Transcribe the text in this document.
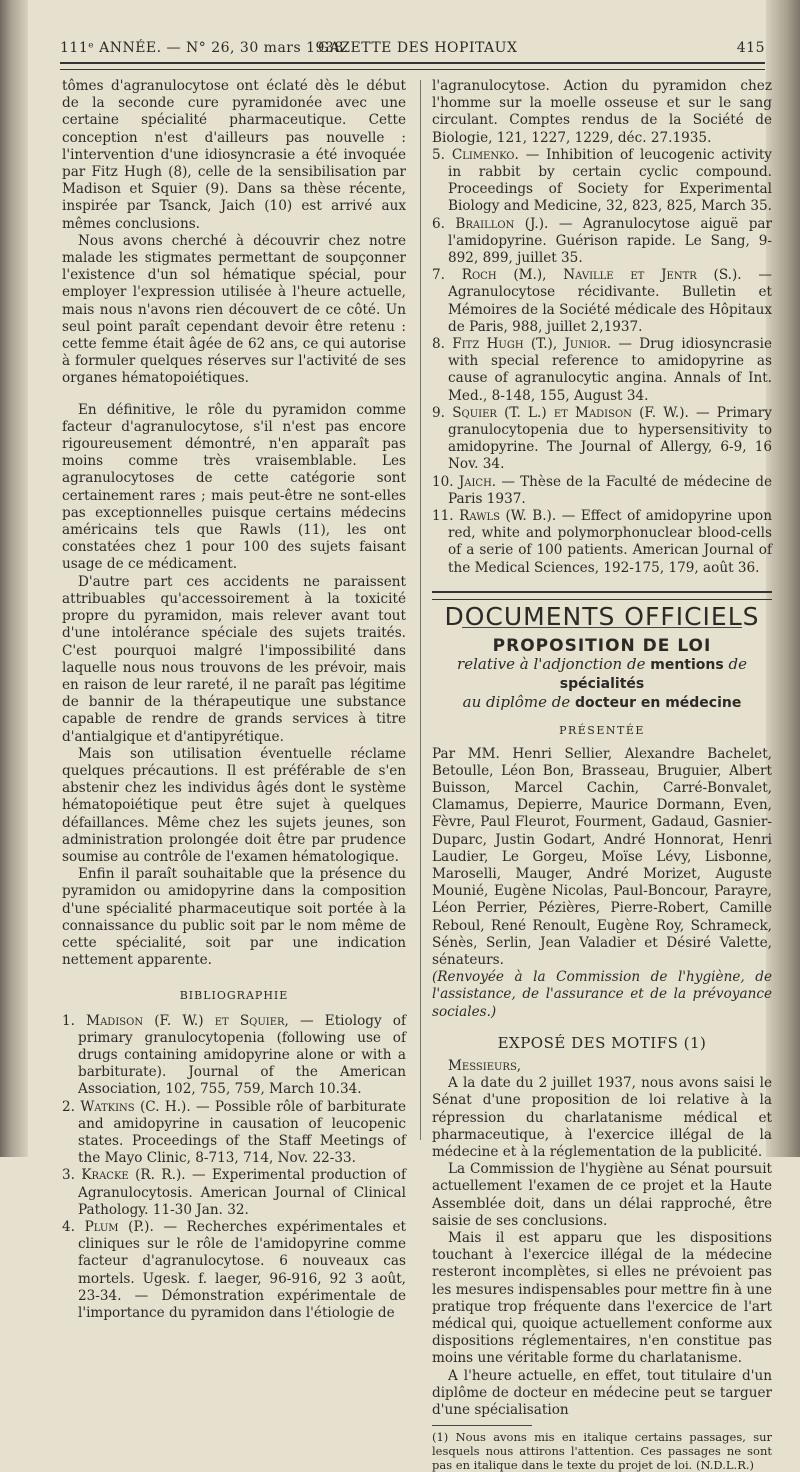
111ᵉ ANNÉE. — N° 26, 30 mars 1938.
GAZETTE DES HOPITAUX	415

tômes d'agranulocytose ont éclaté dès le début de la seconde cure pyramidonée avec une certaine spécialité pharmaceutique. Cette conception n'est d'ailleurs pas nouvelle : l'intervention d'une idiosyncrasie a été invoquée par Fitz Hugh (8), celle de la sensibilisation par Madison et Squier (9). Dans sa thèse récente, inspirée par Tsanck, Jaich (10) est arrivé aux mêmes conclusions.

Nous avons cherché à découvrir chez notre malade les stigmates permettant de soupçonner l'existence d'un sol hématique spécial, pour employer l'expression utilisée à l'heure actuelle, mais nous n'avons rien découvert de ce côté. Un seul point paraît cependant devoir être retenu : cette femme était âgée de 62 ans, ce qui autorise à formuler quelques réserves sur l'activité de ses organes hématopoiétiques.

En définitive, le rôle du pyramidon comme facteur d'agranulocytose, s'il n'est pas encore rigoureusement démontré, n'en apparaît pas moins comme très vraisemblable. Les agranulocytoses de cette catégorie sont certainement rares ; mais peut-être ne sont-elles pas exceptionnelles puisque certains médecins américains tels que Rawls (11), les ont constatées chez 1 pour 100 des sujets faisant usage de ce médicament.

D'autre part ces accidents ne paraissent attribuables qu'accessoirement à la toxicité propre du pyramidon, mais relever avant tout d'une intolérance spéciale des sujets traités. C'est pourquoi malgré l'impossibilité dans laquelle nous nous trouvons de les prévoir, mais en raison de leur rareté, il ne paraît pas légitime de bannir de la thérapeutique une substance capable de rendre de grands services à titre d'antialgique et d'antipyrétique.

Mais son utilisation éventuelle réclame quelques précautions. Il est préférable de s'en abstenir chez les individus âgés dont le système hématopoiétique peut être sujet à quelques défaillances. Même chez les sujets jeunes, son administration prolongée doit être par prudence soumise au contrôle de l'examen hématologique.

Enfin il paraît souhaitable que la présence du pyramidon ou amidopyrine dans la composition d'une spécialité pharmaceutique soit portée à la connaissance du public soit par le nom même de cette spécialité, soit par une indication nettement apparente.

BIBLIOGRAPHIE

1. Madison (F. W.) et Squier, — Etiology of primary granulocytopenia (following use of drugs containing amidopyrine alone or with a barbiturate). Journal of the American Association, 102, 755, 759, March 10.34.

2. Watkins (C. H.). — Possible rôle of barbiturate and amidopyrine in causation of leucopenic states. Proceedings of the Staff Meetings of the Mayo Clinic, 8-713, 714, Nov. 22-33.

3. Kracke (R. R.). — Experimental production of Agranulocytosis. American Journal of Clinical Pathology. 11-30 Jan. 32.

4. Plum (P.). — Recherches expérimentales et cliniques sur le rôle de l'amidopyrine comme facteur d'agranulocytose. 6 nouveaux cas mortels. Ugesk. f. laeger, 96-916, 92 3 août, 23-34. — Démonstration expérimentale de l'importance du pyramidon dans l'étiologie de

l'agranulocytose. Action du pyramidon chez l'homme sur la moelle osseuse et sur le sang circulant. Comptes rendus de la Société de Biologie, 121, 1227, 1229, déc. 27.1935.

5. Climenko. — Inhibition of leucogenic activity in rabbit by certain cyclic compound. Proceedings of Society for Experimental Biology and Medicine, 32, 823, 825, March 35.

6. Braillon (J.). — Agranulocytose aiguë par l'amidopyrine. Guérison rapide. Le Sang, 9-892, 899, juillet 35.

7. Roch (M.), Naville et Jentr (S.). — Agranulocytose récidivante. Bulletin et Mémoires de la Société médicale des Hôpitaux de Paris, 988, juillet 2,1937.

8. Fitz Hugh (T.), Junior. — Drug idiosyncrasie with special reference to amidopyrine as cause of agranulocytic angina. Annals of Int. Med., 8-148, 155, August 34.

9. Squier (T. L.) et Madison (F. W.). — Primary granulocytopenia due to hypersensitivity to amidopyrine. The Journal of Allergy, 6-9, 16 Nov. 34.

10. Jaich. — Thèse de la Faculté de médecine de Paris 1937.

11. Rawls (W. B.). — Effect of amidopyrine upon red, white and polymorphonuclear blood-cells of a serie of 100 patients. American Journal of the Medical Sciences, 192-175, 179, août 36.

DOCUMENTS OFFICIELS
PROPOSITION DE LOI
relative à l'adjonction de mentions de spécialités
au diplôme de docteur en médecine
PRÉSENTÉE

Par MM. Henri Sellier, Alexandre Bachelet, Betoulle, Léon Bon, Brasseau, Bruguier, Albert Buisson, Marcel Cachin, Carré-Bonvalet, Clamamus, Depierre, Maurice Dormann, Even, Fèvre, Paul Fleurot, Fourment, Gadaud, Gasnier-Duparc, Justin Godart, André Honnorat, Henri Laudier, Le Gorgeu, Moïse Lévy, Lisbonne, Maroselli, Mauger, André Morizet, Auguste Mounié, Eugène Nicolas, Paul-Boncour, Parayre, Léon Perrier, Pézières, Pierre-Robert, Camille Reboul, René Renoult, Eugène Roy, Schrameck, Sénès, Serlin, Jean Valadier et Désiré Valette, sénateurs.

(Renvoyée à la Commission de l'hygiène, de l'assistance, de l'assurance et de la prévoyance sociales.)

EXPOSÉ DES MOTIFS (1)

Messieurs,

A la date du 2 juillet 1937, nous avons saisi le Sénat d'une proposition de loi relative à la répression du charlatanisme médical et pharmaceutique, à l'exercice illégal de la médecine et à la réglementation de la publicité.

La Commission de l'hygiène au Sénat poursuit actuellement l'examen de ce projet et la Haute Assemblée doit, dans un délai rapproché, être saisie de ses conclusions.

Mais il est apparu que les dispositions touchant à l'exercice illégal de la médecine resteront incomplètes, si elles ne prévoient pas les mesures indispensables pour mettre fin à une pratique trop fréquente dans l'exercice de l'art médical qui, quoique actuellement conforme aux dispositions réglementaires, n'en constitue pas moins une véritable forme du charlatanisme.

A l'heure actuelle, en effet, tout titulaire d'un diplôme de docteur en médecine peut se targuer d'une spécialisation

(1) Nous avons mis en italique certains passages, sur lesquels nous attirons l'attention. Ces passages ne sont pas en italique dans le texte du projet de loi. (N.D.L.R.)
